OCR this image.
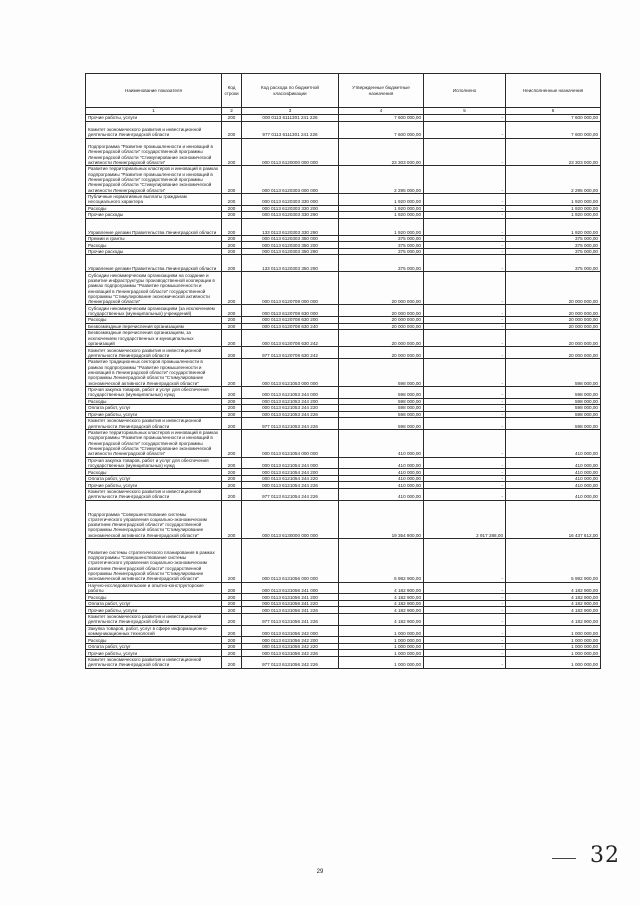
Наименование показателя	Код строки	Код расхода по бюджетной классификации	Утвержденные бюджетные назначения	Исполнено	Неисполненные назначения
1	2	3	4	5	6
Прочие работы, услуги	200	000 0113 6111301 241 226	7 600 000,00	-	7 600 000,00
Комитет экономического развития и инвестиционной деятельности Ленинградской области	200	977 0113 6111301 241 226	7 600 000,00	-	7 600 000,00
Подпрограмма "Развитие промышленности и инноваций в Ленинградской области" государственной программы Ленинградской области "Стимулирование экономической активности Ленинградской области"	200	000 0113 6120000 000 000	23 303 000,00	-	23 303 000,00
Развитие территориальных кластеров и инноваций в рамках подпрограммы "Развитие промышленности и инноваций в Ленинградской области" государственной программы Ленинградской области "Стимулирование экономической активности Ленинградской области"	200	000 0113 6120303 000 000	2 295 000,00	-	2 295 000,00
Публичные нормативные выплаты гражданам несоциального характера	200	000 0113 6120303 330 000	1 920 000,00	-	1 920 000,00
Расходы	200	000 0113 6120303 330 200	1 920 000,00	-	1 920 000,00
Прочие расходы	200	000 0113 6120303 330 290	1 920 000,00	-	1 920 000,00
Управление делами Правительства Ленинградской области	200	133 0113 6120303 330 290	1 920 000,00	-	1 920 000,00
Премии и гранты	200	000 0113 6120303 350 000	375 000,00	-	375 000,00
Расходы	200	000 0113 6120303 350 200	375 000,00	-	375 000,00
Прочие расходы	200	000 0113 6120303 350 290	375 000,00	-	375 000,00
Управление делами Правительства Ленинградской области	200	133 0113 6120303 350 290	375 000,00	-	375 000,00
Субсидии некоммерческим организациям на создание и развитие инфраструктуры производственной кооперации в рамках подпрограммы "Развитие промышленности и инноваций в Ленинградской области" государственной программы "Стимулирование экономической активности Ленинградской области"	200	000 0113 6120708 000 000	20 000 000,00	-	20 000 000,00
Субсидии некоммерческим организациям (за исключением государственных (муниципальных) учреждений)	200	000 0113 6120708 630 000	20 000 000,00	-	20 000 000,00
Расходы	200	000 0113 6120708 630 200	20 000 000,00	-	20 000 000,00
Безвозмездные перечисления организациям	200	000 0113 6120708 630 240	20 000 000,00	-	20 000 000,00
Безвозмездные перечисления организациям, за исключением государственных и муниципальных организаций	200	000 0113 6120708 630 242	20 000 000,00	-	20 000 000,00
Комитет экономического развития и инвестиционной деятельности Ленинградской области	200	977 0113 6120708 630 242	20 000 000,00	-	20 000 000,00
Развитие традиционных секторов промышленности в рамках подпрограммы "Развитие промышленности и инноваций в Ленинградской области" государственной программы Ленинградской области "Стимулирование экономической активности Ленинградской области"	200	000 0113 6121053 000 000	598 000,00	-	598 000,00
Прочая закупка товаров, работ и услуг для обеспечения государственных (муниципальных) нужд	200	000 0113 6121053 244 000	598 000,00	-	598 000,00
Расходы	200	000 0113 6121053 244 200	598 000,00	-	598 000,00
Оплата работ, услуг	200	000 0113 6121053 244 220	598 000,00	-	598 000,00
Прочие работы, услуги	200	000 0113 6121053 244 226	598 000,00	-	598 000,00
Комитет экономического развития и инвестиционной деятельности Ленинградской области	200	977 0113 6121053 244 226	598 000,00	-	598 000,00
Развитие территориальных кластеров и инноваций в рамках подпрограммы "Развитие промышленности и инноваций в Ленинградской области" государственной программы Ленинградской области "Стимулирование экономической активности Ленинградской области"	200	000 0113 6121054 000 000	410 000,00	-	410 000,00
Прочая закупка товаров, работ и услуг для обеспечения государственных (муниципальных) нужд	200	000 0113 6121054 244 000	410 000,00	-	410 000,00
Расходы	200	000 0113 6121054 244 200	410 000,00	-	410 000,00
Оплата работ, услуг	200	000 0113 6121054 244 220	410 000,00	-	410 000,00
Прочие работы, услуги	200	000 0113 6121054 244 226	410 000,00	-	410 000,00
Комитет экономического развития и инвестиционной деятельности Ленинградской области	200	977 0113 6121054 244 226	410 000,00	-	410 000,00
Подпрограмма "Совершенствование системы стратегического управления социально-экономическим развитием Ленинградской области" государственной программы Ленинградской области "Стимулирование экономической активности Ленинградской области"	200	000 0113 6130000 000 000	19 354 900,00	2 917 288,00	16 437 612,00
Развитие системы стратегического планирования в рамках подпрограммы "Совершенствование системы стратегического управления социально-экономическим развитием Ленинградской области" государственной программы Ленинградской области "Стимулирование экономической активности Ленинградской области"	200	000 0113 6131056 000 000	5 982 900,00	-	5 982 900,00
Научно-исследовательские и опытно-конструкторские работы	200	000 0113 6131056 241 000	4 182 900,00	-	4 182 900,00
Расходы	200	000 0113 6131056 241 200	4 182 900,00	-	4 182 900,00
Оплата работ, услуг	200	000 0113 6131056 241 220	4 182 900,00	-	4 182 900,00
Прочие работы, услуги	200	000 0113 6131056 241 226	4 182 900,00	-	4 182 900,00
Комитет экономического развития и инвестиционной деятельности Ленинградской области	200	977 0113 6131056 241 226	4 182 900,00	-	4 182 900,00
Закупка товаров, работ, услуг в сфере информационно-коммуникационных технологий	200	000 0113 6131056 242 000	1 000 000,00	-	1 000 000,00
Расходы	200	000 0113 6131056 242 200	1 000 000,00	-	1 000 000,00
Оплата работ, услуг	200	000 0113 6131056 242 220	1 000 000,00	-	1 000 000,00
Прочие работы, услуги	200	000 0113 6131056 242 226	1 000 000,00	-	1 000 000,00
Комитет экономического развития и инвестиционной деятельности Ленинградской области	200	977 0113 6131056 242 226	1 000 000,00	-	1 000 000,00
29
32
